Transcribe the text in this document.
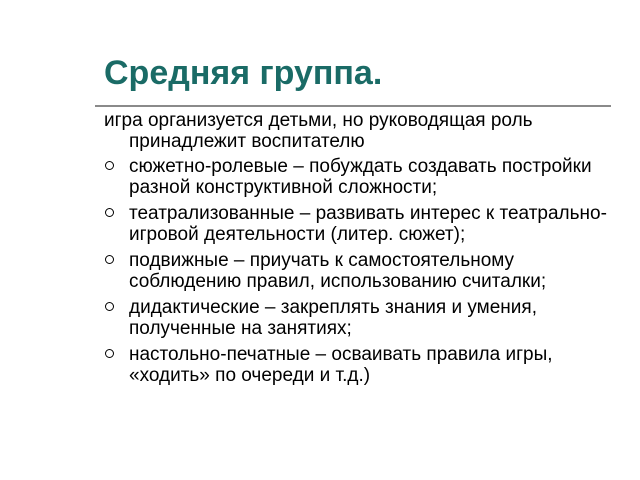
Средняя группа.

игра организуется детьми, но руководящая роль принадлежит воспитателю

сюжетно-ролевые – побуждать создавать постройки разной конструктивной сложности;
театрализованные – развивать интерес к театрально-игровой деятельности (литер. сюжет);
подвижные – приучать к самостоятельному соблюдению правил, использованию считалки;
дидактические – закреплять знания и умения, полученные на занятиях;
настольно-печатные – осваивать правила игры, «ходить» по очереди и т.д.)
